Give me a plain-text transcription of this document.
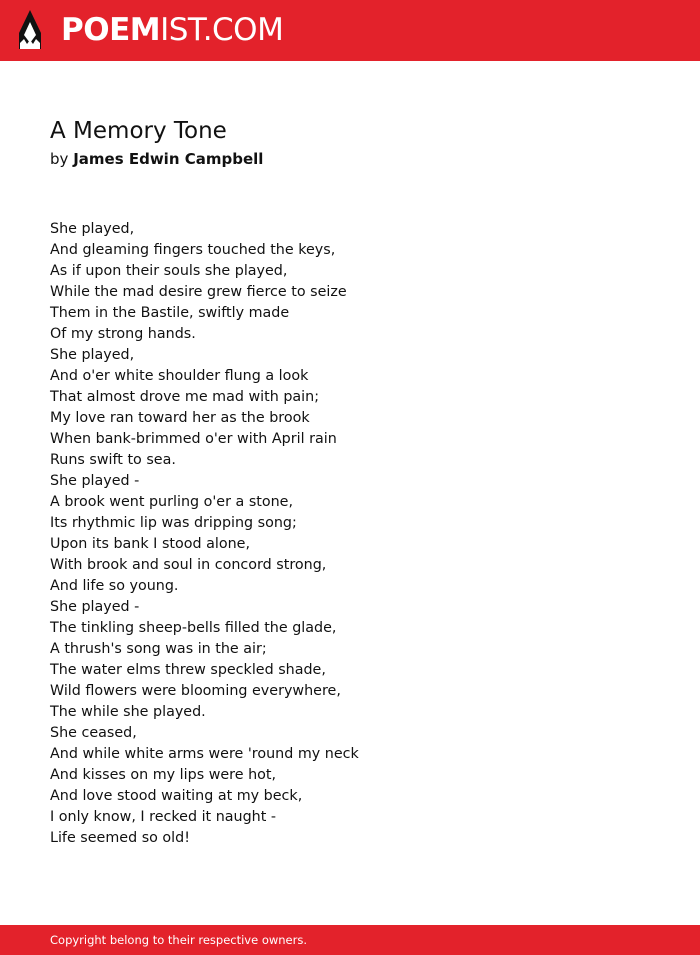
POEMIST.COM
A Memory Tone
by James Edwin Campbell
She played,
And gleaming fingers touched the keys,
As if upon their souls she played,
While the mad desire grew fierce to seize
Them in the Bastile, swiftly made
Of my strong hands.
She played,
And o'er white shoulder flung a look
That almost drove me mad with pain;
My love ran toward her as the brook
When bank-brimmed o'er with April rain
Runs swift to sea.
She played -
A brook went purling o'er a stone,
Its rhythmic lip was dripping song;
Upon its bank I stood alone,
With brook and soul in concord strong,
And life so young.
She played -
The tinkling sheep-bells filled the glade,
A thrush's song was in the air;
The water elms threw speckled shade,
Wild flowers were blooming everywhere,
The while she played.
She ceased,
And while white arms were 'round my neck
And kisses on my lips were hot,
And love stood waiting at my beck,
I only know, I recked it naught -
Life seemed so old!
Copyright belong to their respective owners.
